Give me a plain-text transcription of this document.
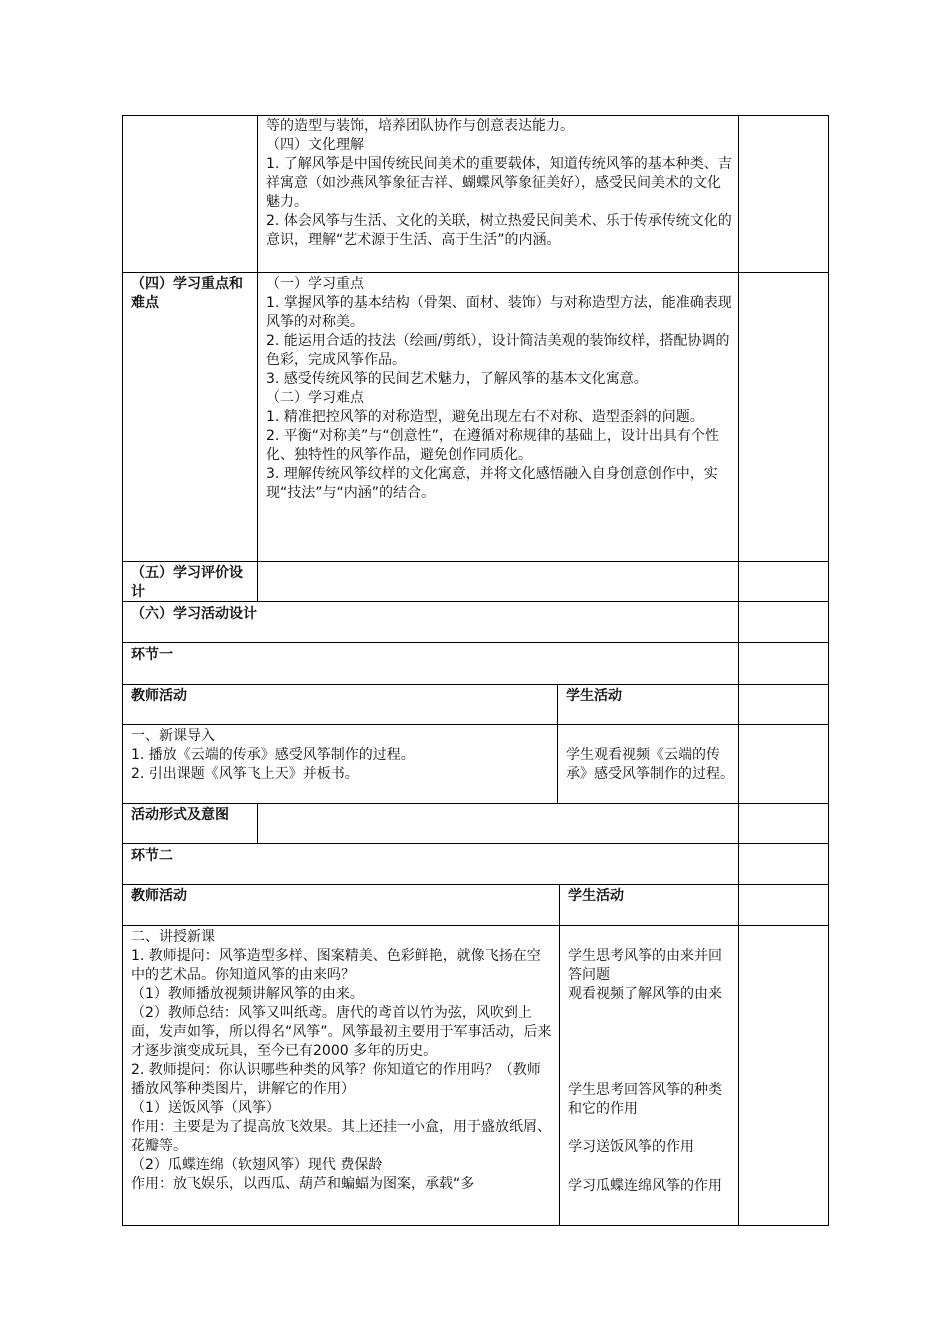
等的造型与装饰，培养团队协作与创意表达能力。
（四）文化理解
1. 了解风筝是中国传统民间美术的重要载体，知道传统风筝的基本种类、吉祥寓意（如沙燕风筝象征吉祥、蝴蝶风筝象征美好），感受民间美术的文化魅力。
2. 体会风筝与生活、文化的关联，树立热爱民间美术、乐于传承传统文化的意识，理解“艺术源于生活、高于生活”的内涵。
（四）学习重点和难点
（一）学习重点
1. 掌握风筝的基本结构（骨架、面材、装饰）与对称造型方法，能准确表现风筝的对称美。
2. 能运用合适的技法（绘画/剪纸），设计简洁美观的装饰纹样，搭配协调的色彩，完成风筝作品。
3. 感受传统风筝的民间艺术魅力，了解风筝的基本文化寓意。
（二）学习难点
1. 精准把控风筝的对称造型，避免出现左右不对称、造型歪斜的问题。
2. 平衡“对称美”与“创意性”，在遵循对称规律的基础上，设计出具有个性化、独特性的风筝作品，避免创作同质化。
3. 理解传统风筝纹样的文化寓意，并将文化感悟融入自身创意创作中，实现“技法”与“内涵”的结合。
（五）学习评价设计
（六）学习活动设计
环节一
教师活动	学生活动
一、新课导入
1. 播放《云端的传承》感受风筝制作的过程。
2. 引出课题《风筝飞上天》并板书。
学生观看视频《云端的传承》感受风筝制作的过程。
活动形式及意图
环节二
教师活动	学生活动
二、讲授新课
1. 教师提问：风筝造型多样、图案精美、色彩鲜艳，就像飞扬在空中的艺术品。你知道风筝的由来吗？
（1）教师播放视频讲解风筝的由来。
（2）教师总结：风筝又叫纸鸢。唐代的鸢首以竹为弦，风吹到上面，发声如筝，所以得名“风筝”。风筝最初主要用于军事活动，后来才逐步演变成玩具，至今已有2000 多年的历史。
2. 教师提问：你认识哪些种类的风筝？你知道它的作用吗？（教师播放风筝种类图片，讲解它的作用）
（1）送饭风筝（风筝）
作用：主要是为了提高放飞效果。其上还挂一小盒，用于盛放纸屑、花瓣等。
（2）瓜蝶连绵（软翅风筝）现代 费保龄
作用：放飞娱乐，以西瓜、葫芦和蝙蝠为图案，承载“多
学生思考风筝的由来并回答问题
观看视频了解风筝的由来
学生思考回答风筝的种类和它的作用
学习送饭风筝的作用
学习瓜蝶连绵风筝的作用
